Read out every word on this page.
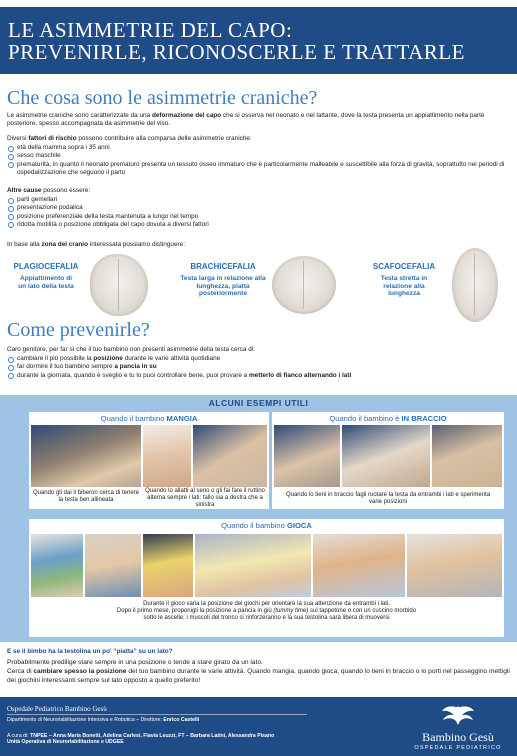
LE ASIMMETRIE DEL CAPO:
PREVENIRLE, RICONOSCERLE E TRATTARLE
Che cosa sono le asimmetrie craniche?

Le asimmetrie craniche sono caratterizzate da una deformazione del capo che si osserva nel neonato e nel lattante, dove la testa presenta un appiattimento nella parte posteriore, spesso accompagnata da asimmetrie del viso.

Diversi fattori di rischio possono contribuire alla comparsa delle asimmetrie craniche:

età della mamma sopra i 35 anni
sesso maschile
prematurità, in quanto il neonato prematuro presenta un tessuto osseo immaturo che è particolarmente malleabile e suscettibile alla forza di gravità, soprattutto nei periodi di ospedalizzazione che seguono il parto

Altre cause possono essere:

parti gemellari
presentazione podalica
posizione preferenziale della testa mantenuta a lungo nel tempo
ridotta motilità o posizione obbligata del capo dovuta a diversi fattori

In base alla zona del cranio interessata possiamo distinguere:

PLAGIOCEFALIA
Appiattimento di un lato della testa
BRACHICEFALIA
Testa larga in relazione alla lunghezza, piatta posteriormente
SCAFOCEFALIA
Testa stretta in relazione alla lunghezza
Come prevenirle?

Caro genitore, per far sì che il tuo bambino non presenti asimmetrie della testa cerca di:

cambiare il più possibile la posizione durante le varie attività quotidiane
far dormire il tuo bambino sempre a pancia in su
durante la giornata, quando è sveglio e tu lo puoi controllare bene, puoi provare a metterlo di fianco alternando i lati
ALCUNI ESEMPI UTILI
Quando il bambino MANGIA
Quando gli dai il biberon cerca di tenere la testa ben allineata
Quando lo allatti al seno o gli fai fare il ruttino alterna sempre i lati: fallo sia a destra che a sinistra
Quando il bambino è IN BRACCIO
Quando lo tieni in braccio fagli ruotare la testa da entrambi i lati e sperimenta varie posizioni
Quando il bambino GIOCA
Durante il gioco varia la posizione dei giochi per orientare la sua attenzione da entrambi i lati.
Dopo il primo mese, proponigli la posizione a pancia in giù (tummy time) sul tappetone o con un cuscino morbido
sotto le ascelle: i muscoli del tronco si rinforzeranno e la sua testolina sarà libera di muoversi

E se il bimbo ha la testolina un po' “piatta” su un lato?

Probabilmente predilige stare sempre in una posizione o tende a stare girato da un lato.

Cerca di cambiare spesso la posizione del tuo bambino durante le varie attività. Quando mangia, quando gioca, quando lo tieni in braccio o lo porti nel passeggino mettigli dei giochini interessanti sempre sul lato opposto a quello preferito!

Ospedale Pediatrico Bambino Gesù
Dipartimento di Neuroriabilitazione Intensiva e Robotica – Direttore: Enrico Castelli
A cura di: TNPEE – Anna Maria Bonetti, Adelina Carlesi, Flavia Leuzzi, FT – Barbara Latini, Alessandra Pisano
Unità Operativa di Neuroriabilitazione e UDGEE	Bambino Gesù
OSPEDALE PEDIATRICO
